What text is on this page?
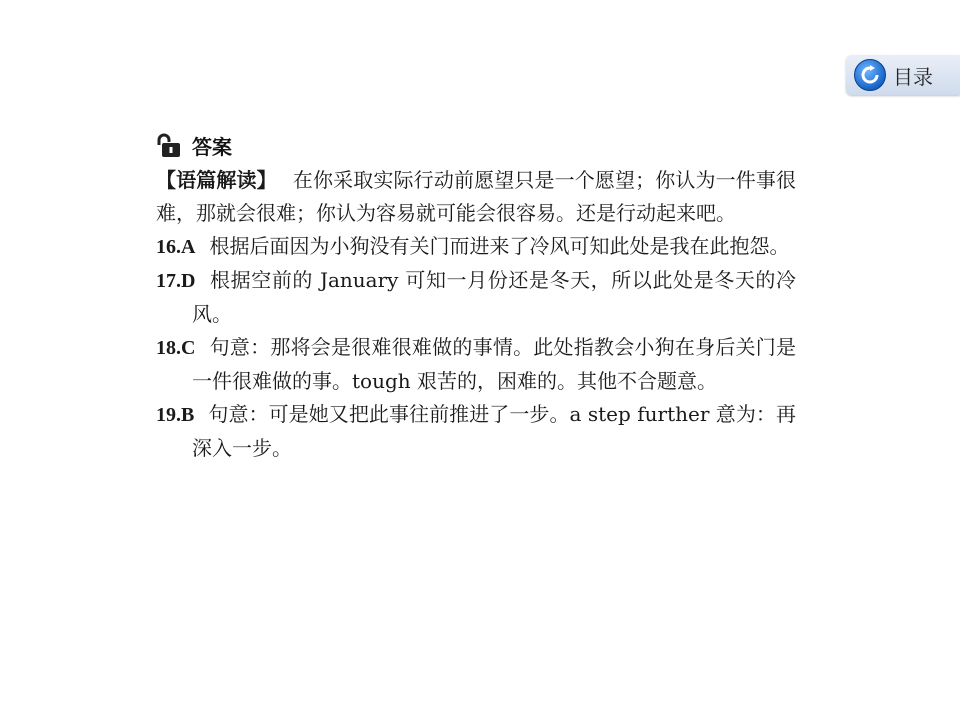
目录
答案

【语篇解读】 在你采取实际行动前愿望只是一个愿望；你认为一件事很难，那就会很难；你认为容易就可能会很容易。还是行动起来吧。

16.A 根据后面因为小狗没有关门而进来了冷风可知此处是我在此抱怨。

17.D 根据空前的 January 可知一月份还是冬天，所以此处是冬天的冷风。

18.C 句意：那将会是很难很难做的事情。此处指教会小狗在身后关门是一件很难做的事。tough 艰苦的，困难的。其他不合题意。

19.B 句意：可是她又把此事往前推进了一步。a step further 意为：再深入一步。
